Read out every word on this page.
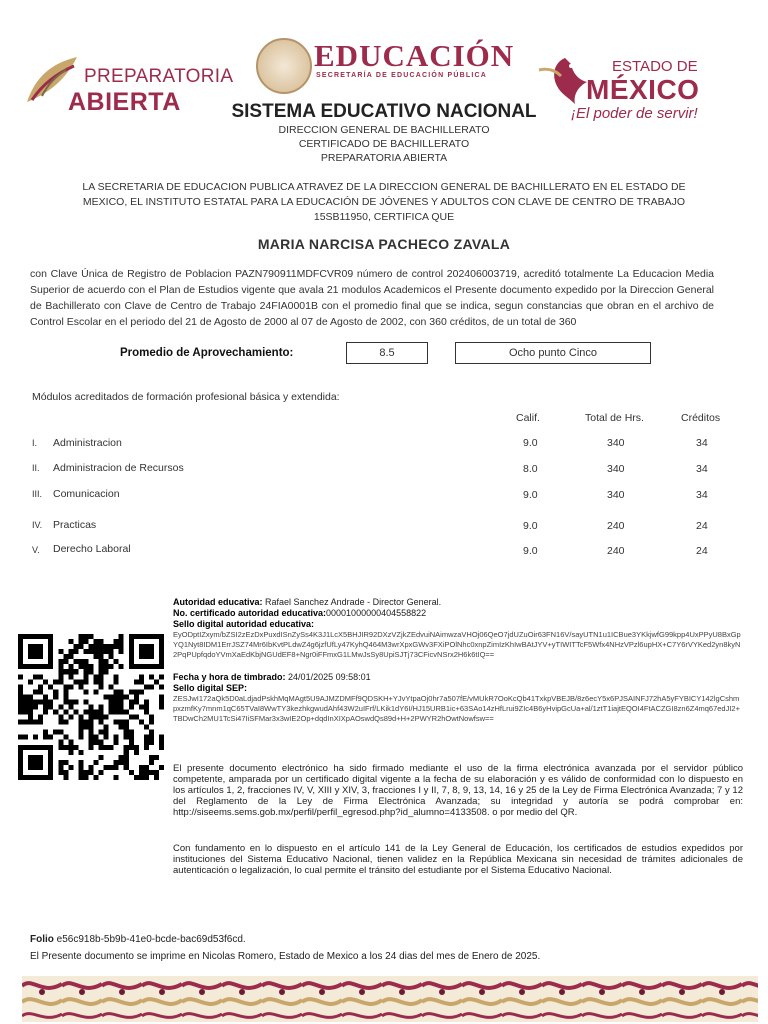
PREPARATORIA
ABIERTA
EDUCACIÓN
SECRETARÍA DE EDUCACIÓN PÚBLICA
ESTADO DE
MÉXICO
¡El poder de servir!
SISTEMA EDUCATIVO NACIONAL
DIRECCION GENERAL DE BACHILLERATO
CERTIFICADO DE BACHILLERATO
PREPARATORIA ABIERTA
LA SECRETARIA DE EDUCACION PUBLICA ATRAVEZ DE LA DIRECCION GENERAL DE BACHILLERATO EN EL ESTADO DE MEXICO, EL INSTITUTO ESTATAL PARA LA EDUCACIÓN DE JÓVENES Y ADULTOS CON CLAVE DE CENTRO DE TRABAJO 15SB11950, CERTIFICA QUE
MARIA NARCISA PACHECO ZAVALA
con Clave Única de Registro de Poblacion PAZN790911MDFCVR09 número de control 202406003719, acreditó totalmente La Educacion Media Superior de acuerdo con el Plan de Estudios vigente que avala 21 modulos Academicos el Presente documento expedido por la Direccion General de Bachillerato con Clave de Centro de Trabajo 24FIA0001B con el promedio final que se indica, segun constancias que obran en el archivo de Control Escolar en el periodo del 21 de Agosto de 2000 al 07 de Agosto de 2002, con 360 créditos, de un total de 360
Promedio de Aprovechamiento:	8.5	Ocho punto Cinco
Módulos acreditados de formación profesional básica y extendida:
Calif.	Total de Hrs.	Créditos
I. Administracion	9.0	340	34
II. Administracion de Recursos	8.0	340	34
III. Comunicacion	9.0	340	34
IV. Practicas	9.0	240	24
V. Derecho Laboral	9.0	240	24
Autoridad educativa: Rafael Sanchez Andrade - Director General.
No. certificado autoridad educativa:00001000000404558822
Sello digital autoridad educativa:
EyODptIZxym/bZSI2zEzDxPuxdISnZySs4K3J1LcX5BHJIR92DXzVZjkZEdvuiNAimwzaVHOj06QeO7jdUZuOir63FN16V/sayUTN1u1ICBue3YKkjwfG99kpp4UxPPyU8BxGpYQ1Nyt8IDM1ErrJSZ74Mr6IbKvtPLdwZ4g6jzfUfLy47KyhQ464M3wrXpxGWv3FXiPOlNhc0xnpZimIzKhIwBAtJYV+yTIWITTcF5Wfx4NHzVPzl6upHX+C7Y6rVYKed2yn8kyN2PqPUpfqdoYVmXaEdKbjNGUdEF8+Ngr0iFFmxG1LMwJsSy8UpiSJTj73CFicvNSrx2H6k6tIQ==
Fecha y hora de timbrado: 24/01/2025 09:58:01
Sello digital SEP:
ZESJwI172aQk5D0aLdjadPskhMqMAgt5U9AJMZDMFf9QDSKH+YJvYtpaOj0hr7a507fE/vMUkR7OoKcQb41TxkpVBEJB/8z6ecY5x6PJSAINFJ72hA5yFYBICY142lgCshmpxzmfKy7mnm1qC65TVaI8WwTY3kezhkgwudAhf43W2uIFrf/LKik1dY6I/HJ15URB1ic+63SAo14zHfLrui9ZIc4B6yHvipGcUa+al/1ztT1iajtEQOI4FtACZGI8zn6Z4mq67edJI2+TBDwCh2MU1TcSi47IiSFMar3x3wIE2Op+dqdInXIXpAOswdQs89d+H+2PWYR2hOwtNowfsw==
El presente documento electrónico ha sido firmado mediante el uso de la firma electrónica avanzada por el servidor público competente, amparada por un certificado digital vigente a la fecha de su elaboración y es válido de conformidad con lo dispuesto en los artículos 1, 2, fracciones IV, V, XIII y XIV, 3, fracciones I y II, 7, 8, 9, 13, 14, 16 y 25 de la Ley de Firma Electrónica Avanzada; 7 y 12 del Reglamento de la Ley de Firma Electrónica Avanzada; su integridad y autoría se podrá comprobar en: http://siseems.sems.gob.mx/perfil/perfil_egresod.php?id_alumno=4133508. o por medio del QR.
Con fundamento en lo dispuesto en el artículo 141 de la Ley General de Educación, los certificados de estudios expedidos por instituciones del Sistema Educativo Nacional, tienen validez en la República Mexicana sin necesidad de trámites adicionales de autenticación o legalización, lo cual permite el tránsito del estudiante por el Sistema Educativo Nacional.
Folio e56c918b-5b9b-41e0-bcde-bac69d53f6cd.
El Presente documento se imprime en Nicolas Romero, Estado de Mexico a los 24 dias del mes de Enero de 2025.
